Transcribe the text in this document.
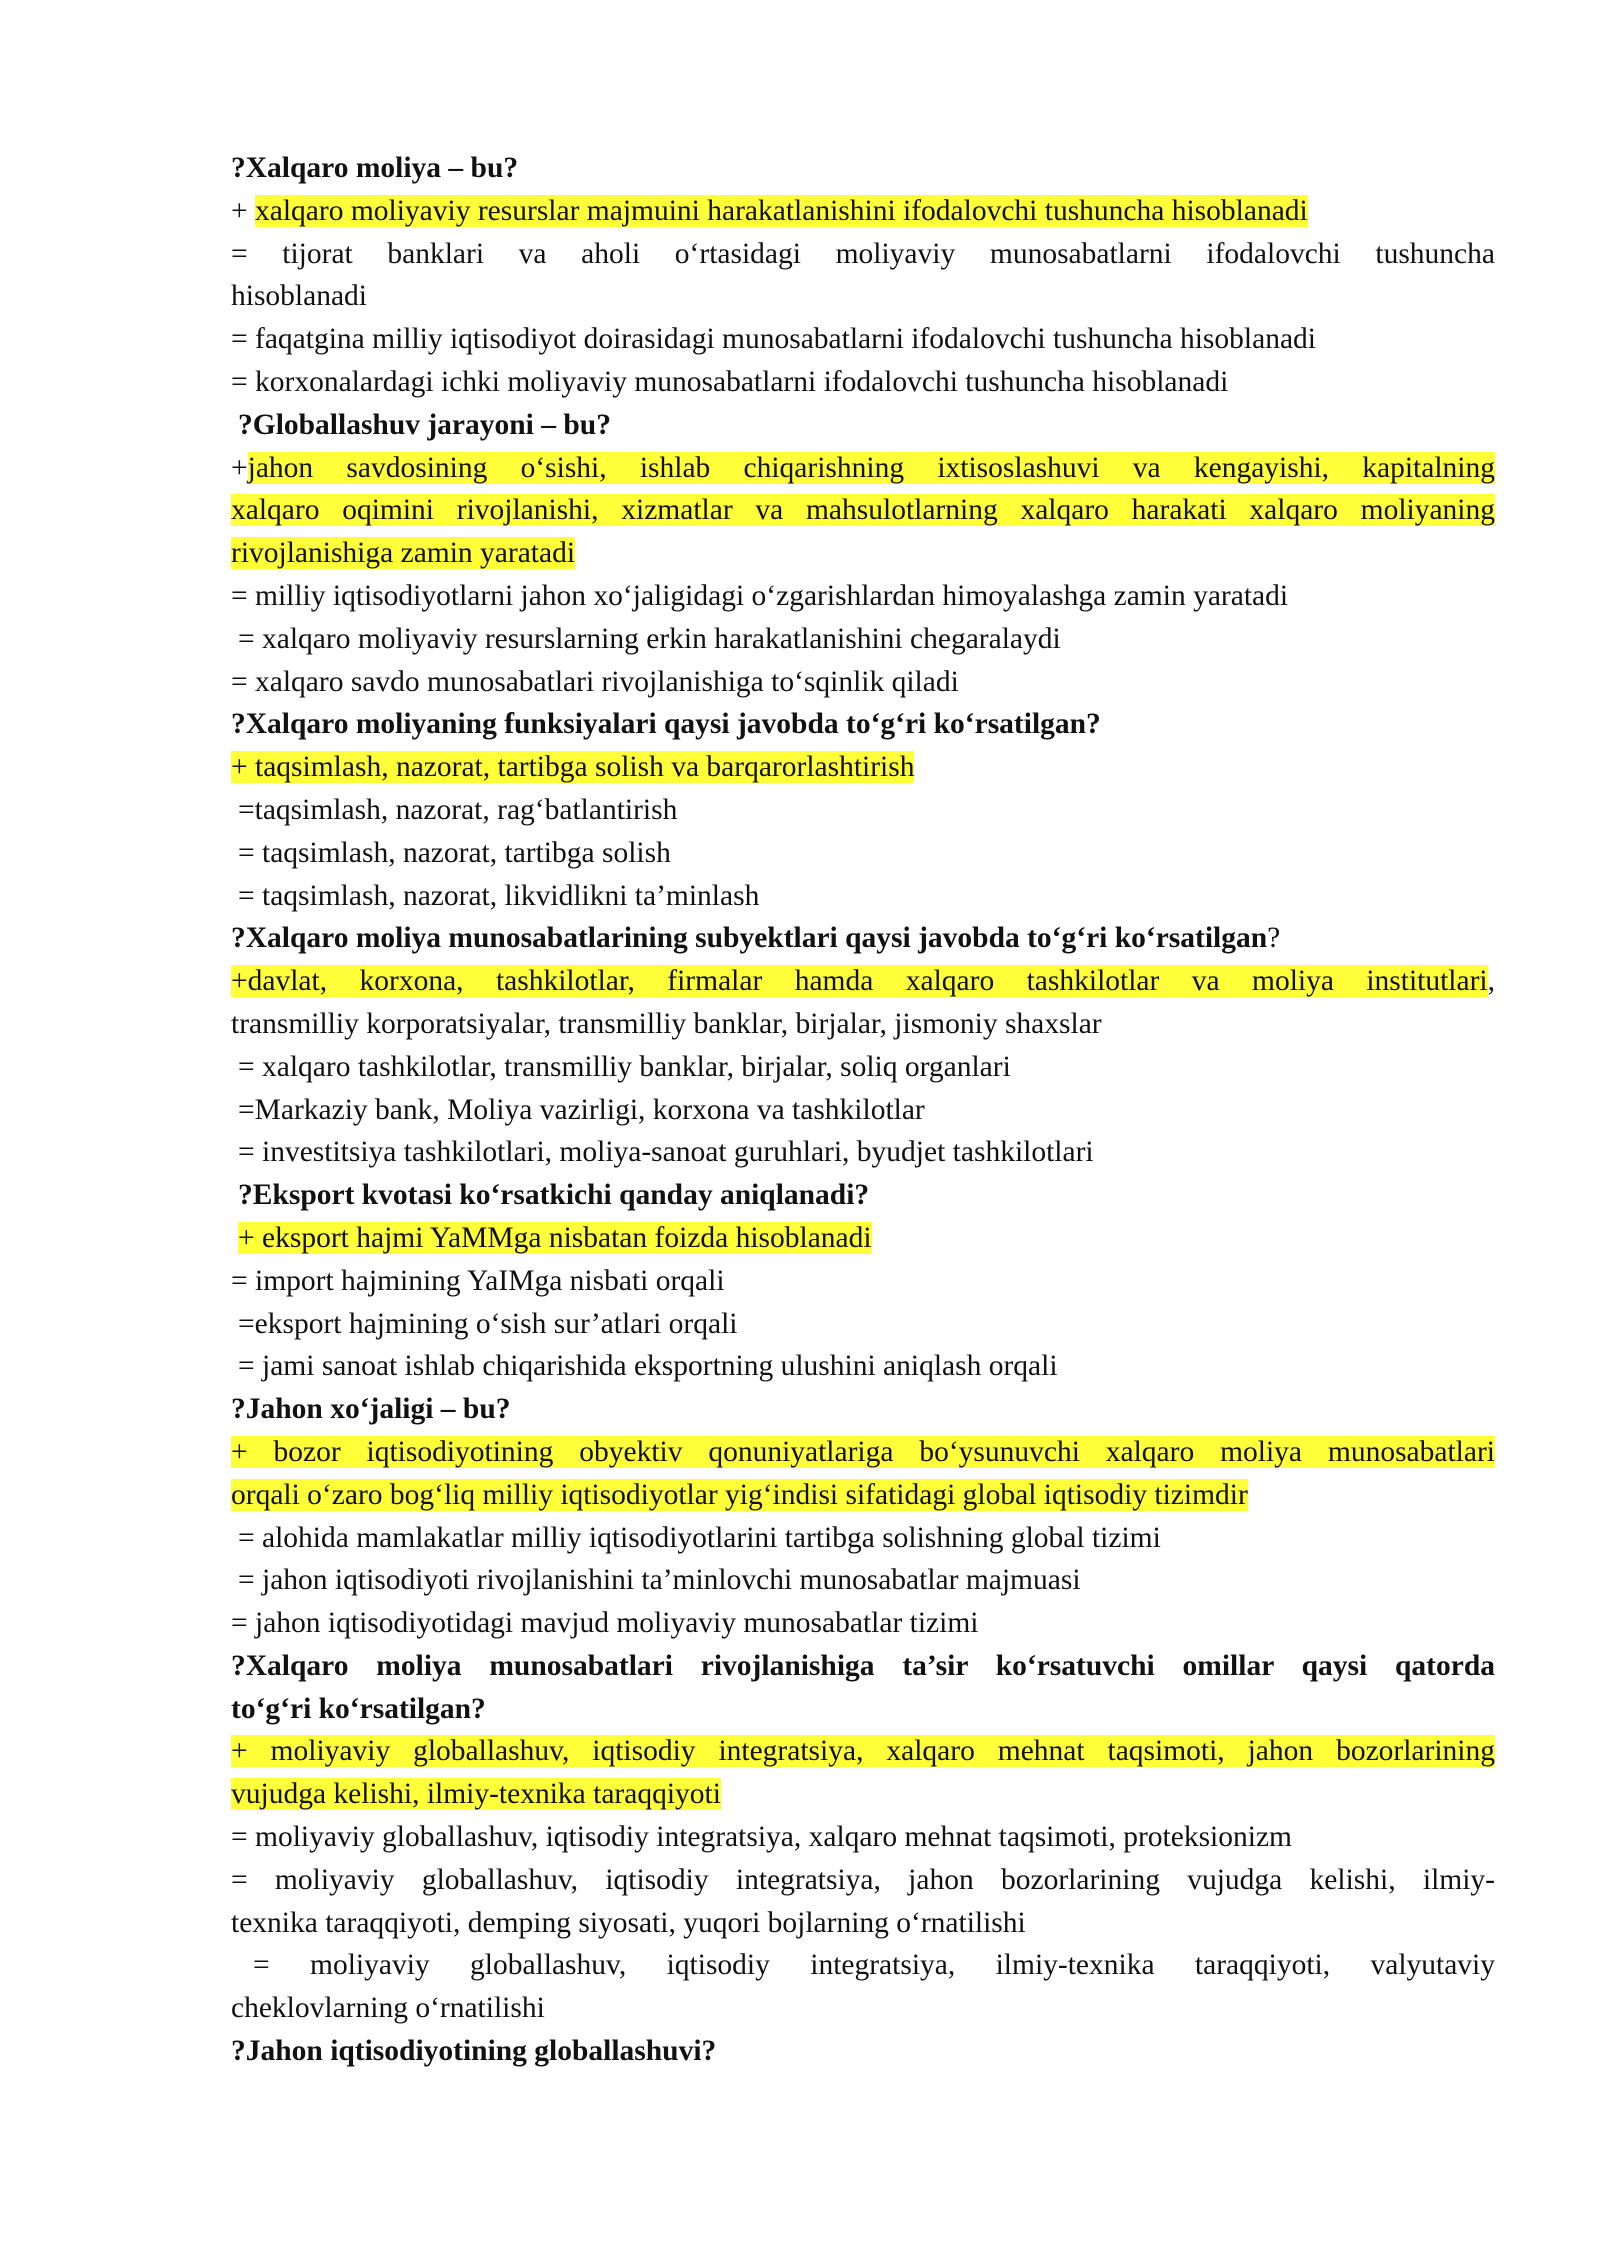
?Xalqaro moliya – bu?
+ xalqaro moliyaviy resurslar majmuini harakatlanishini ifodalovchi tushuncha hisoblanadi
= tijorat banklari va aholi o‘rtasidagi moliyaviy munosabatlarni ifodalovchi tushuncha
hisoblanadi
= faqatgina milliy iqtisodiyot doirasidagi munosabatlarni ifodalovchi tushuncha hisoblanadi
= korxonalardagi ichki moliyaviy munosabatlarni ifodalovchi tushuncha hisoblanadi
?Globallashuv jarayoni – bu?
+jahon savdosining o‘sishi, ishlab chiqarishning ixtisoslashuvi va kengayishi, kapitalning
xalqaro oqimini rivojlanishi, xizmatlar va mahsulotlarning xalqaro harakati xalqaro moliyaning
rivojlanishiga zamin yaratadi
= milliy iqtisodiyotlarni jahon xo‘jaligidagi o‘zgarishlardan himoyalashga zamin yaratadi
= xalqaro moliyaviy resurslarning erkin harakatlanishini chegaralaydi
= xalqaro savdo munosabatlari rivojlanishiga to‘sqinlik qiladi
?Xalqaro moliyaning funksiyalari qaysi javobda to‘g‘ri ko‘rsatilgan?
+ taqsimlash, nazorat, tartibga solish va barqarorlashtirish
=taqsimlash, nazorat, rag‘batlantirish
= taqsimlash, nazorat, tartibga solish
= taqsimlash, nazorat, likvidlikni ta’minlash
?Xalqaro moliya munosabatlarining subyektlari qaysi javobda to‘g‘ri ko‘rsatilgan?
+davlat, korxona, tashkilotlar, firmalar hamda xalqaro tashkilotlar va moliya institutlari,
transmilliy korporatsiyalar, transmilliy banklar, birjalar, jismoniy shaxslar
= xalqaro tashkilotlar, transmilliy banklar, birjalar, soliq organlari
=Markaziy bank, Moliya vazirligi, korxona va tashkilotlar
= investitsiya tashkilotlari, moliya-sanoat guruhlari, byudjet tashkilotlari
?Eksport kvotasi ko‘rsatkichi qanday aniqlanadi?
+ eksport hajmi YaMMga nisbatan foizda hisoblanadi
= import hajmining YaIMga nisbati orqali
=eksport hajmining o‘sish sur’atlari orqali
= jami sanoat ishlab chiqarishida eksportning ulushini aniqlash orqali
?Jahon xo‘jaligi – bu?
+ bozor iqtisodiyotining obyektiv qonuniyatlariga bo‘ysunuvchi xalqaro moliya munosabatlari
orqali o‘zaro bog‘liq milliy iqtisodiyotlar yig‘indisi sifatidagi global iqtisodiy tizimdir
= alohida mamlakatlar milliy iqtisodiyotlarini tartibga solishning global tizimi
= jahon iqtisodiyoti rivojlanishini ta’minlovchi munosabatlar majmuasi
= jahon iqtisodiyotidagi mavjud moliyaviy munosabatlar tizimi
?Xalqaro moliya munosabatlari rivojlanishiga ta’sir ko‘rsatuvchi omillar qaysi qatorda
to‘g‘ri ko‘rsatilgan?
+ moliyaviy globallashuv, iqtisodiy integratsiya, xalqaro mehnat taqsimoti, jahon bozorlarining
vujudga kelishi, ilmiy-texnika taraqqiyoti
= moliyaviy globallashuv, iqtisodiy integratsiya, xalqaro mehnat taqsimoti, proteksionizm
= moliyaviy globallashuv, iqtisodiy integratsiya, jahon bozorlarining vujudga kelishi, ilmiy-
texnika taraqqiyoti, demping siyosati, yuqori bojlarning o‘rnatilishi
= moliyaviy globallashuv, iqtisodiy integratsiya, ilmiy-texnika taraqqiyoti, valyutaviy
cheklovlarning o‘rnatilishi
?Jahon iqtisodiyotining globallashuvi?
